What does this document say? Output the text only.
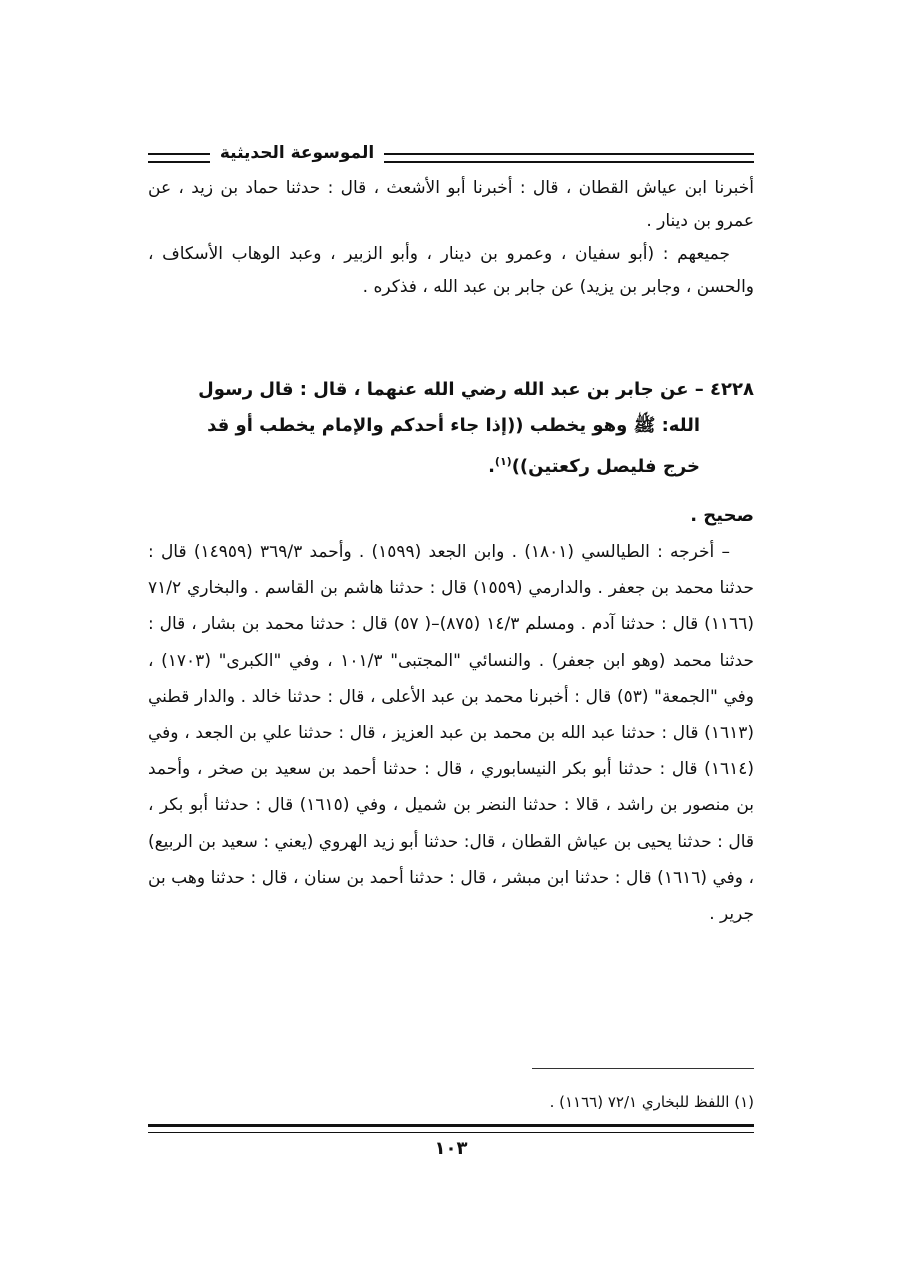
الموسوعة الحديثية

أخبرنا ابن عياش القطان ، قال : أخبرنا أبو الأشعث ، قال : حدثنا حماد بن زيد ، عن عمرو بن دينار .

جميعهم : (أبو سفيان ، وعمرو بن دينار ، وأبو الزبير ، وعبد الوهاب الأسكاف ، والحسن ، وجابر بن يزيد) عن جابر بن عبد الله ، فذكره .

٤٢٢٨ – عن جابر بن عبد الله رضي الله عنهما ، قال : قال رسول
الله: ﷺ وهو يخطب ((إذا جاء أحدكم والإمام يخطب أو قد
خرج فليصل ركعتين))$^{(١)}$.
صحيح .

– أخرجه : الطيالسي (١٨٠١) . وابن الجعد (١٥٩٩) . وأحمد ٣٦٩/٣ (١٤٩٥٩) قال : حدثنا محمد بن جعفر . والدارمي (١٥٥٩) قال : حدثنا هاشم بن القاسم . والبخاري ٧١/٢ (١١٦٦) قال : حدثنا آدم . ومسلم ١٤/٣ (٨٧٥)–( ٥٧) قال : حدثنا محمد بن بشار ، قال : حدثنا محمد (وهو ابن جعفر) . والنسائي "المجتبى" ١٠١/٣ ، وفي "الكبرى" (١٧٠٣) ، وفي "الجمعة" (٥٣) قال : أخبرنا محمد بن عبد الأعلى ، قال : حدثنا خالد . والدار قطني (١٦١٣) قال : حدثنا عبد الله بن محمد بن عبد العزيز ، قال : حدثنا علي بن الجعد ، وفي (١٦١٤) قال : حدثنا أبو بكر النيسابوري ، قال : حدثنا أحمد بن سعيد بن صخر ، وأحمد بن منصور بن راشد ، قالا : حدثنا النضر بن شميل ، وفي (١٦١٥) قال : حدثنا أبو بكر ، قال : حدثنا يحيى بن عياش القطان ، قال: حدثنا أبو زيد الهروي (يعني : سعيد بن الربيع) ، وفي (١٦١٦) قال : حدثنا ابن مبشر ، قال : حدثنا أحمد بن سنان ، قال : حدثنا وهب بن جرير .

(١) اللفظ للبخاري ٧٢/١ (١١٦٦) .
١٠٣
